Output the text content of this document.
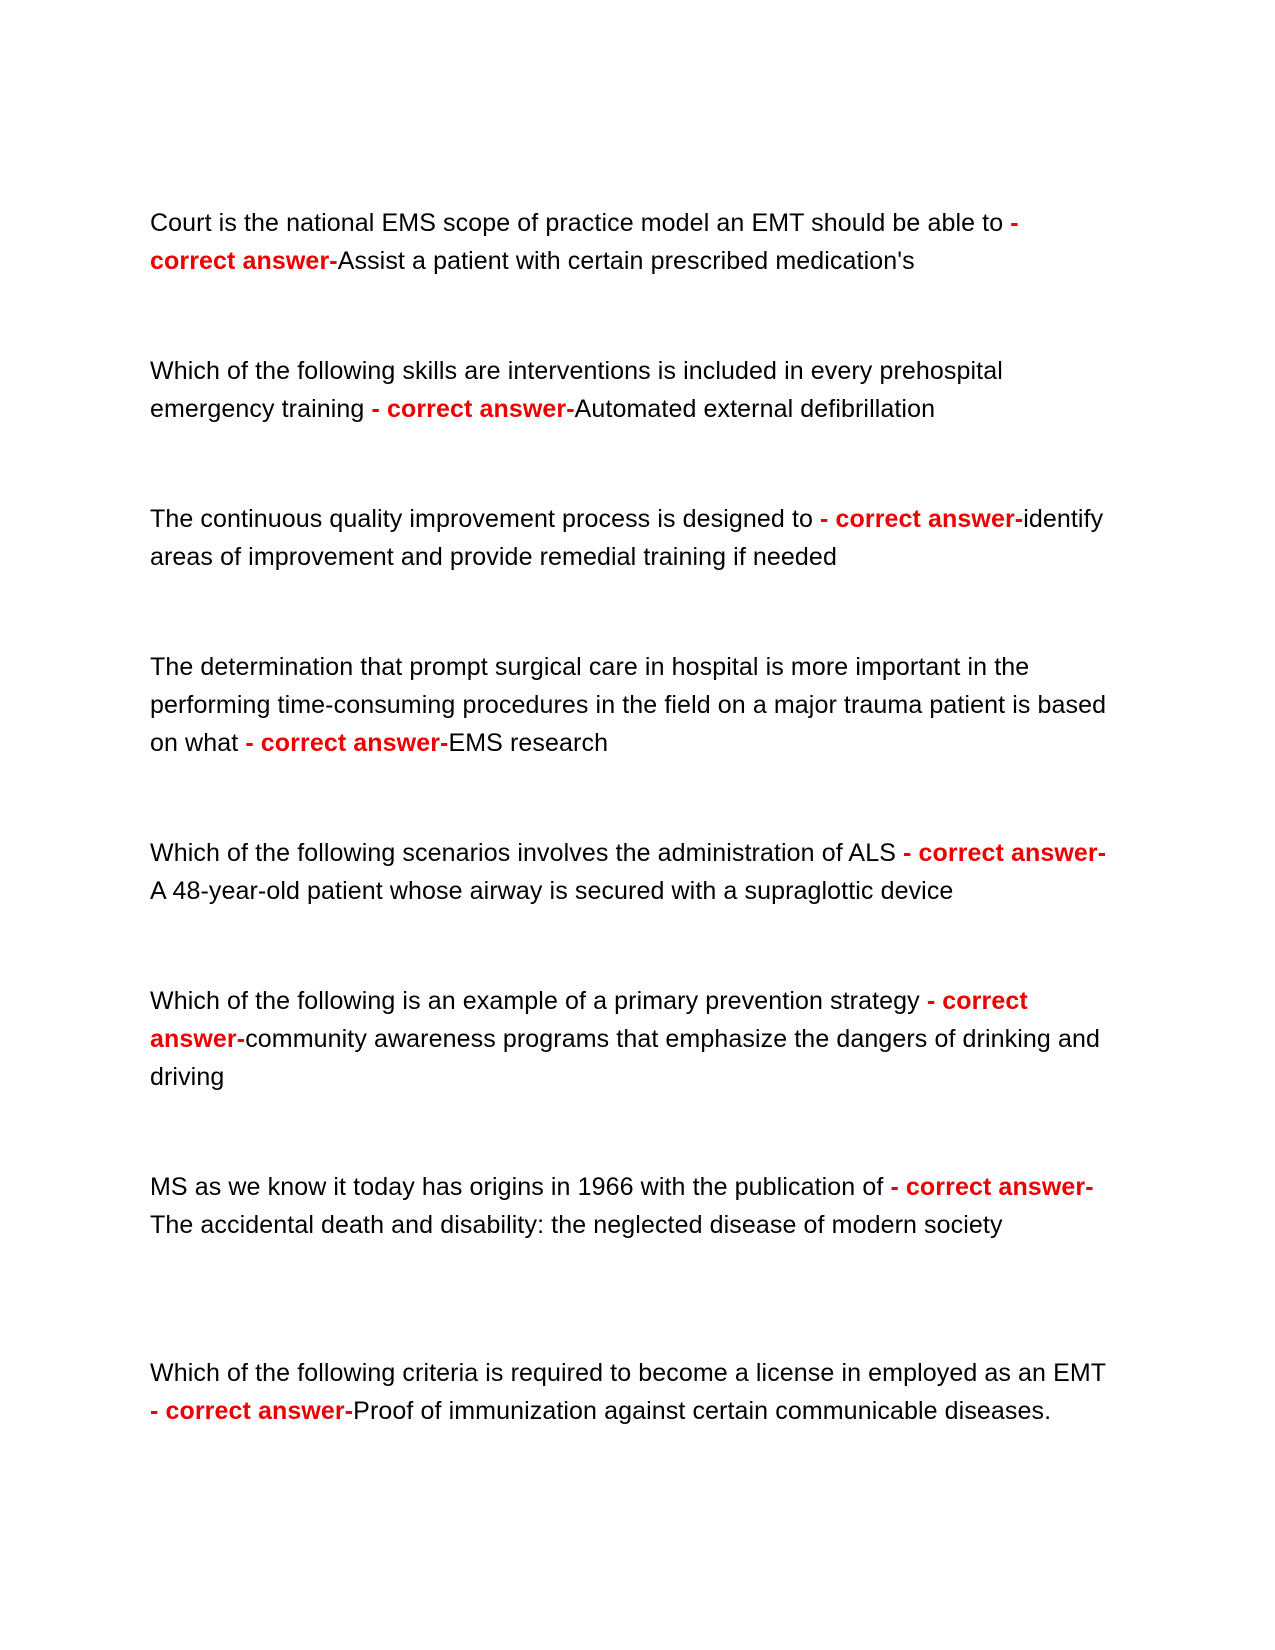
Court is the national EMS scope of practice model an EMT should be able to - correct answer-Assist a patient with certain prescribed medication's

Which of the following skills are interventions is included in every prehospital emergency training - correct answer-Automated external defibrillation

The continuous quality improvement process is designed to - correct answer-identify areas of improvement and provide remedial training if needed

The determination that prompt surgical care in hospital is more important in the performing time-consuming procedures in the field on a major trauma patient is based on what - correct answer-EMS research

Which of the following scenarios involves the administration of ALS - correct answer-A 48-year-old patient whose airway is secured with a supraglottic device

Which of the following is an example of a primary prevention strategy - correct answer-community awareness programs that emphasize the dangers of drinking and driving

MS as we know it today has origins in 1966 with the publication of - correct answer-The accidental death and disability: the neglected disease of modern society

Which of the following criteria is required to become a license in employed as an EMT - correct answer-Proof of immunization against certain communicable diseases.
